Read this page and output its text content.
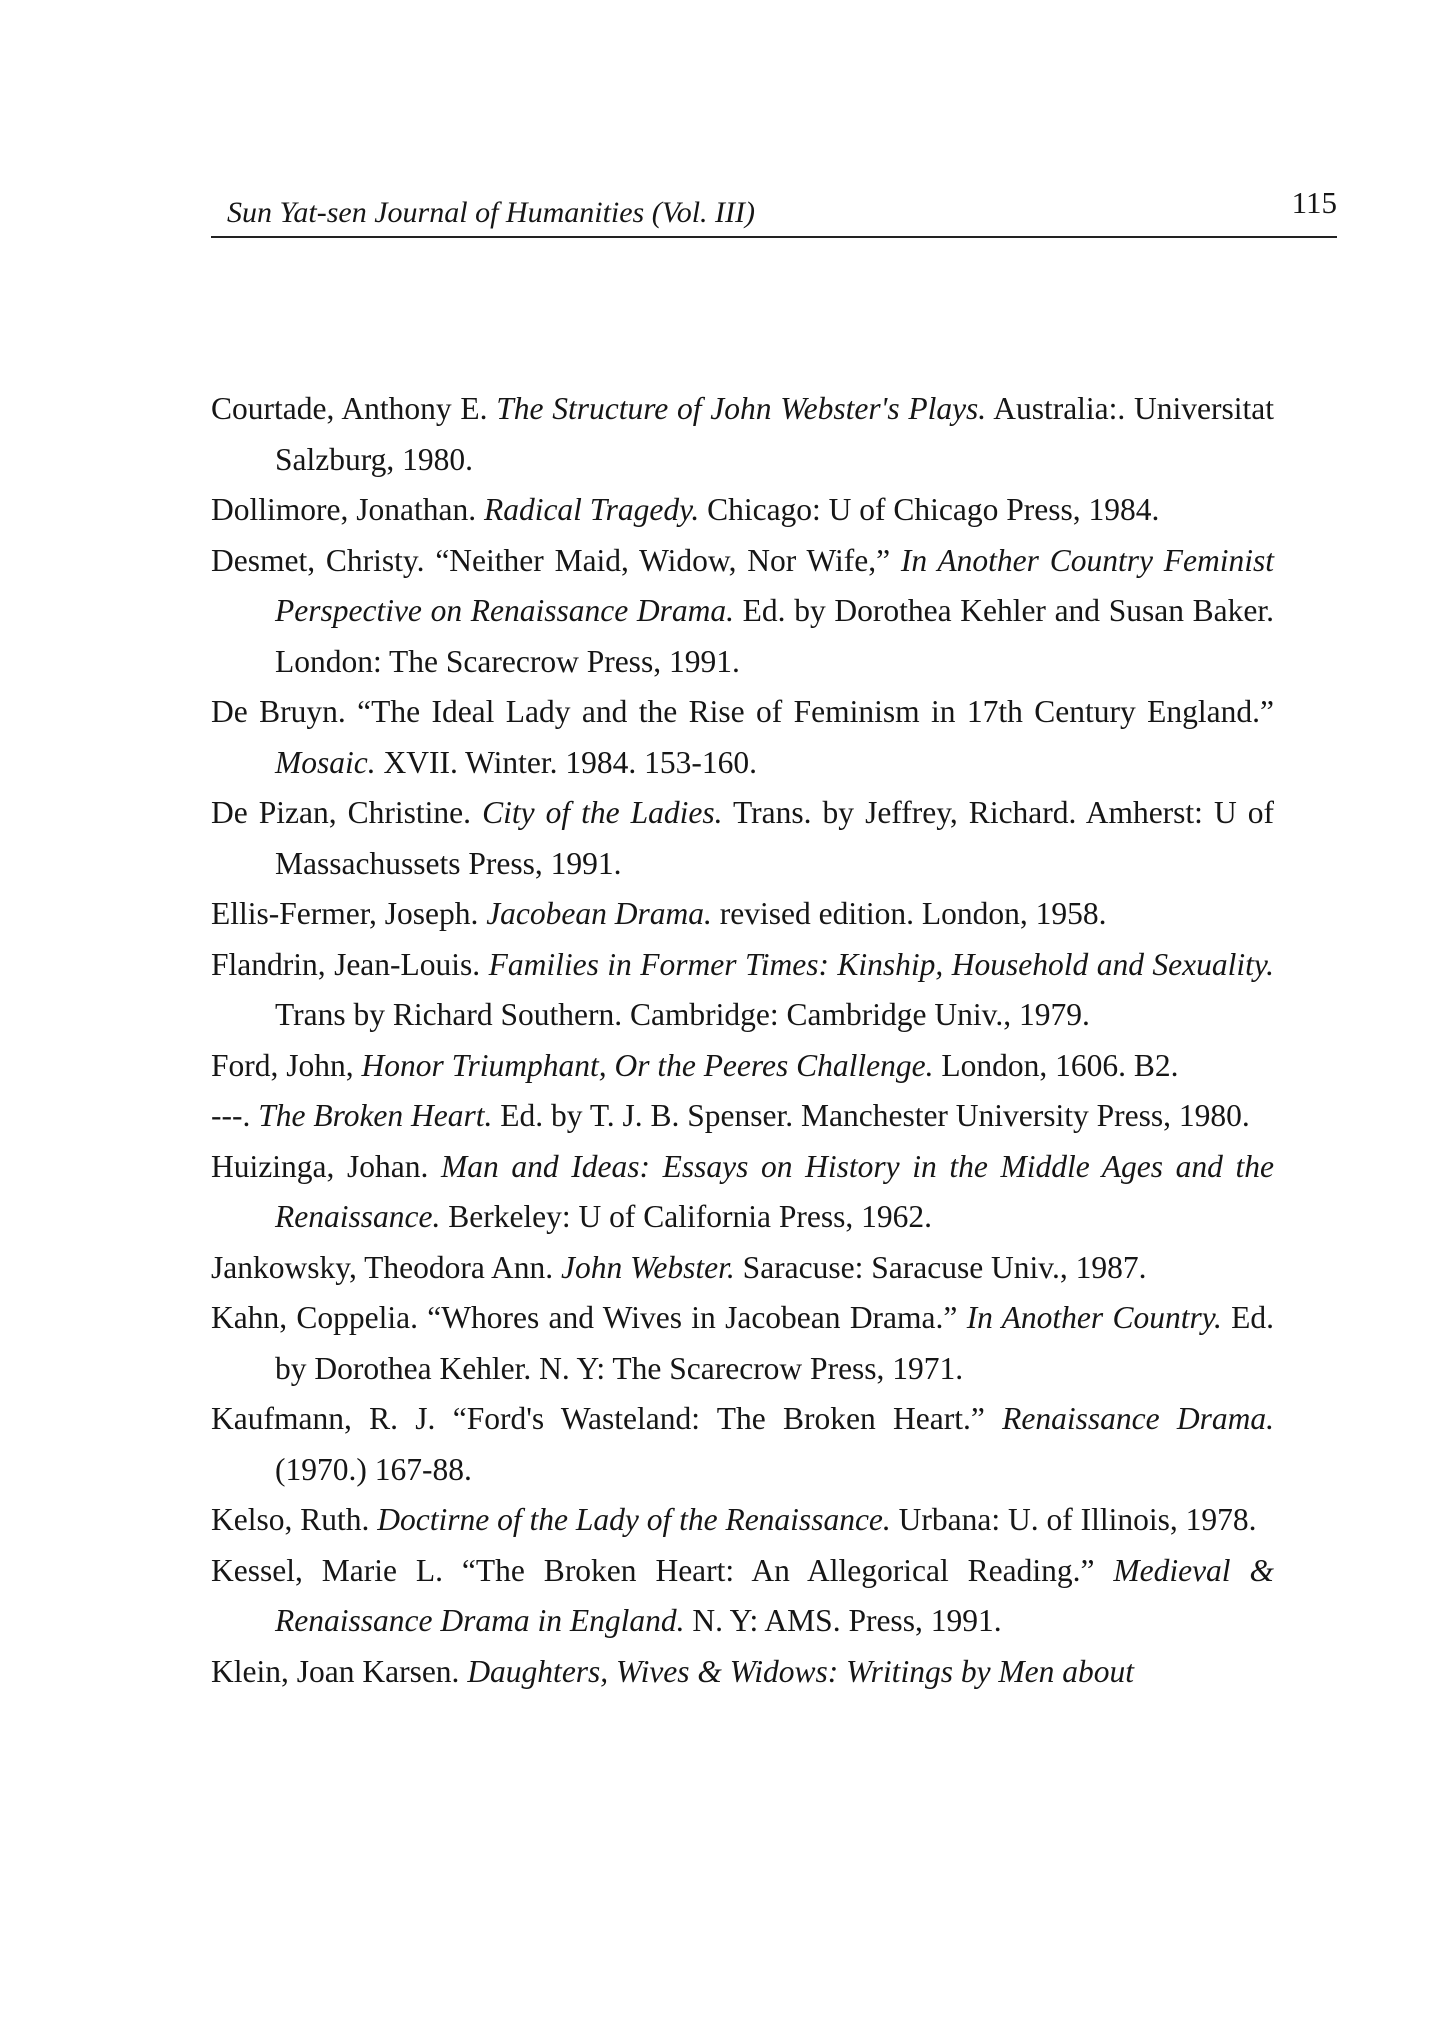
Sun Yat-sen Journal of Humanities (Vol. III)	115

Courtade, Anthony E. The Structure of John Webster's Plays. Australia:. Universitat Salzburg, 1980.

Dollimore, Jonathan. Radical Tragedy. Chicago: U of Chicago Press, 1984.

Desmet, Christy. “Neither Maid, Widow, Nor Wife,” In Another Country Feminist Perspective on Renaissance Drama. Ed. by Dorothea Kehler and Susan Baker. London: The Scarecrow Press, 1991.

De Bruyn. “The Ideal Lady and the Rise of Feminism in 17th Century England.” Mosaic. XVII. Winter. 1984. 153-160.

De Pizan, Christine. City of the Ladies. Trans. by Jeffrey, Richard. Amherst: U of Massachussets Press, 1991.

Ellis-Fermer, Joseph. Jacobean Drama. revised edition. London, 1958.

Flandrin, Jean-Louis. Families in Former Times: Kinship, Household and Sexuality. Trans by Richard Southern. Cambridge: Cambridge Univ., 1979.

Ford, John, Honor Triumphant, Or the Peeres Challenge. London, 1606. B2.

---. The Broken Heart. Ed. by T. J. B. Spenser. Manchester University Press, 1980.

Huizinga, Johan. Man and Ideas: Essays on History in the Middle Ages and the Renaissance. Berkeley: U of California Press, 1962.

Jankowsky, Theodora Ann. John Webster. Saracuse: Saracuse Univ., 1987.

Kahn, Coppelia. “Whores and Wives in Jacobean Drama.” In Another Country. Ed. by Dorothea Kehler. N. Y: The Scarecrow Press, 1971.

Kaufmann, R. J. “Ford's Wasteland: The Broken Heart.” Renaissance Drama. (1970.) 167-88.

Kelso, Ruth. Doctirne of the Lady of the Renaissance. Urbana: U. of Illinois, 1978.

Kessel, Marie L. “The Broken Heart: An Allegorical Reading.” Medieval & Renaissance Drama in England. N. Y: AMS. Press, 1991.

Klein, Joan Karsen. Daughters, Wives & Widows: Writings by Men about
